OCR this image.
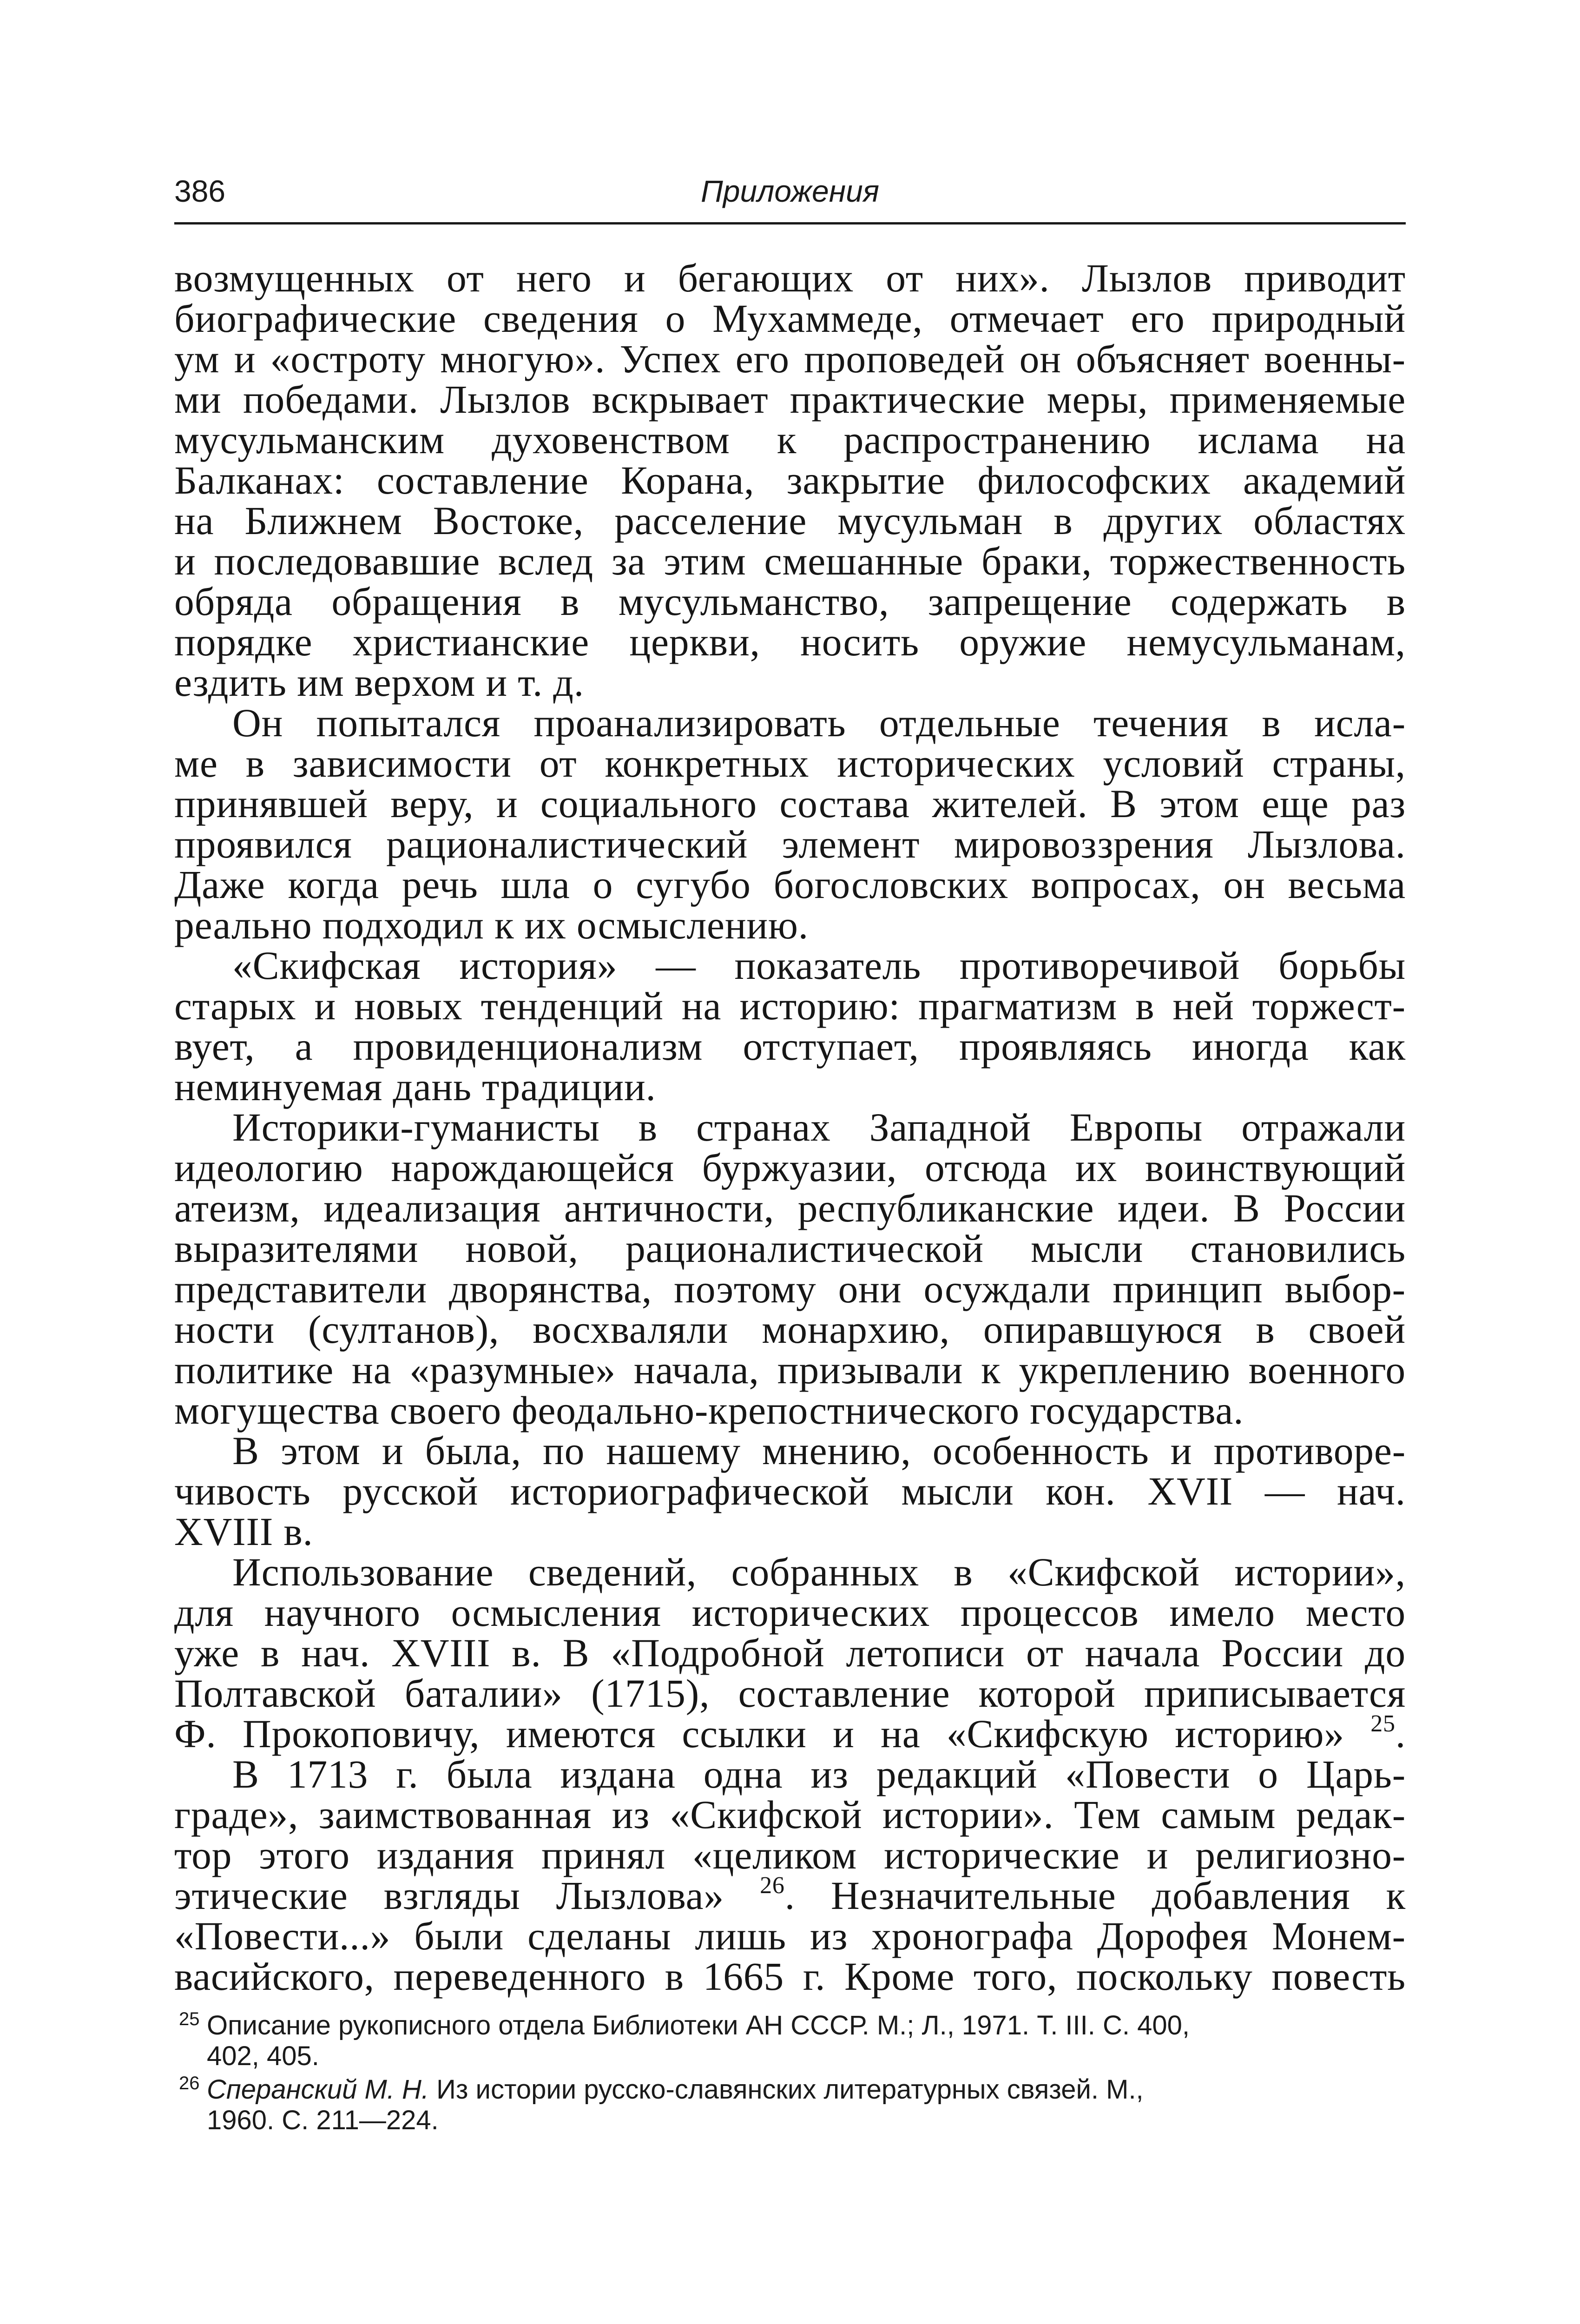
386	Приложения

возмущенных от него и бегающих от них». Лызлов приводит
биографические сведения о Мухаммеде, отмечает его природный
ум и «остроту многую». Успех его проповедей он объясняет военны-
ми победами. Лызлов вскрывает практические меры, применяемые
мусульманским духовенством к распространению ислама на
Балканах: составление Корана, закрытие философских академий
на Ближнем Востоке, расселение мусульман в других областях
и последовавшие вслед за этим смешанные браки, торжественность
обряда обращения в мусульманство, запрещение содержать в
порядке христианские церкви, носить оружие немусульманам,
ездить им верхом и т. д.

Он попытался проанализировать отдельные течения в исла-
ме в зависимости от конкретных исторических условий страны,
принявшей веру, и социального состава жителей. В этом еще раз
проявился рационалистический элемент мировоззрения Лызлова.
Даже когда речь шла о сугубо богословских вопросах, он весьма
реально подходил к их осмыслению.

«Скифская история» — показатель противоречивой борьбы
старых и новых тенденций на историю: прагматизм в ней торжест-
вует, а провиденционализм отступает, проявляясь иногда как
неминуемая дань традиции.

Историки-гуманисты в странах Западной Европы отражали
идеологию нарождающейся буржуазии, отсюда их воинствующий
атеизм, идеализация античности, республиканские идеи. В России
выразителями новой, рационалистической мысли становились
представители дворянства, поэтому они осуждали принцип выбор-
ности (султанов), восхваляли монархию, опиравшуюся в своей
политике на «разумные» начала, призывали к укреплению военного
могущества своего феодально-крепостнического государства.

В этом и была, по нашему мнению, особенность и противоре-
чивость русской историографической мысли кон. XVII — нач.
XVIII в.

Использование сведений, собранных в «Скифской истории»,
для научного осмысления исторических процессов имело место
уже в нач. XVIII в. В «Подробной летописи от начала России до
Полтавской баталии» (1715), составление которой приписывается
Ф. Прокоповичу, имеются ссылки и на «Скифскую историю» $^{25}$.

В 1713 г. была издана одна из редакций «Повести о Царь-
граде», заимствованная из «Скифской истории». Тем самым редак-
тор этого издания принял «целиком исторические и религиозно-
этические взгляды Лызлова» $^{26}$. Незначительные добавления к
«Повести...» были сделаны лишь из хронографа Дорофея Монем-
васийского, переведенного в 1665 г. Кроме того, поскольку повесть

25 Описание рукописного отдела Библиотеки АН СССР. М.; Л., 1971. Т. III. С. 400,
402, 405.
26 Сперанский М. Н. Из истории русско-славянских литературных связей. М.,
1960. С. 211—224.
